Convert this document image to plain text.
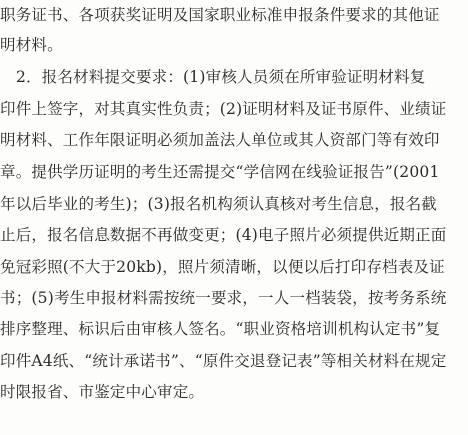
职务证书、各项获奖证明及国家职业标准申报条件要求的其他证
明材料。
2．报名材料提交要求：(1)审核人员须在所审验证明材料复
印件上签字，对其真实性负责；(2)证明材料及证书原件、业绩证
明材料、工作年限证明必须加盖法人单位或其人资部门等有效印
章。提供学历证明的考生还需提交“学信网在线验证报告”(2001
年以后毕业的考生)；(3)报名机构须认真核对考生信息，报名截
止后，报名信息数据不再做变更；(4)电子照片必须提供近期正面
免冠彩照(不大于20kb)，照片须清晰，以便以后打印存档表及证
书；(5)考生申报材料需按统一要求，一人一档装袋，按考务系统
排序整理、标识后由审核人签名。“职业资格培训机构认定书”复
印件A4纸、“统计承诺书”、“原件交退登记表”等相关材料在规定
时限报省、市鉴定中心审定。
